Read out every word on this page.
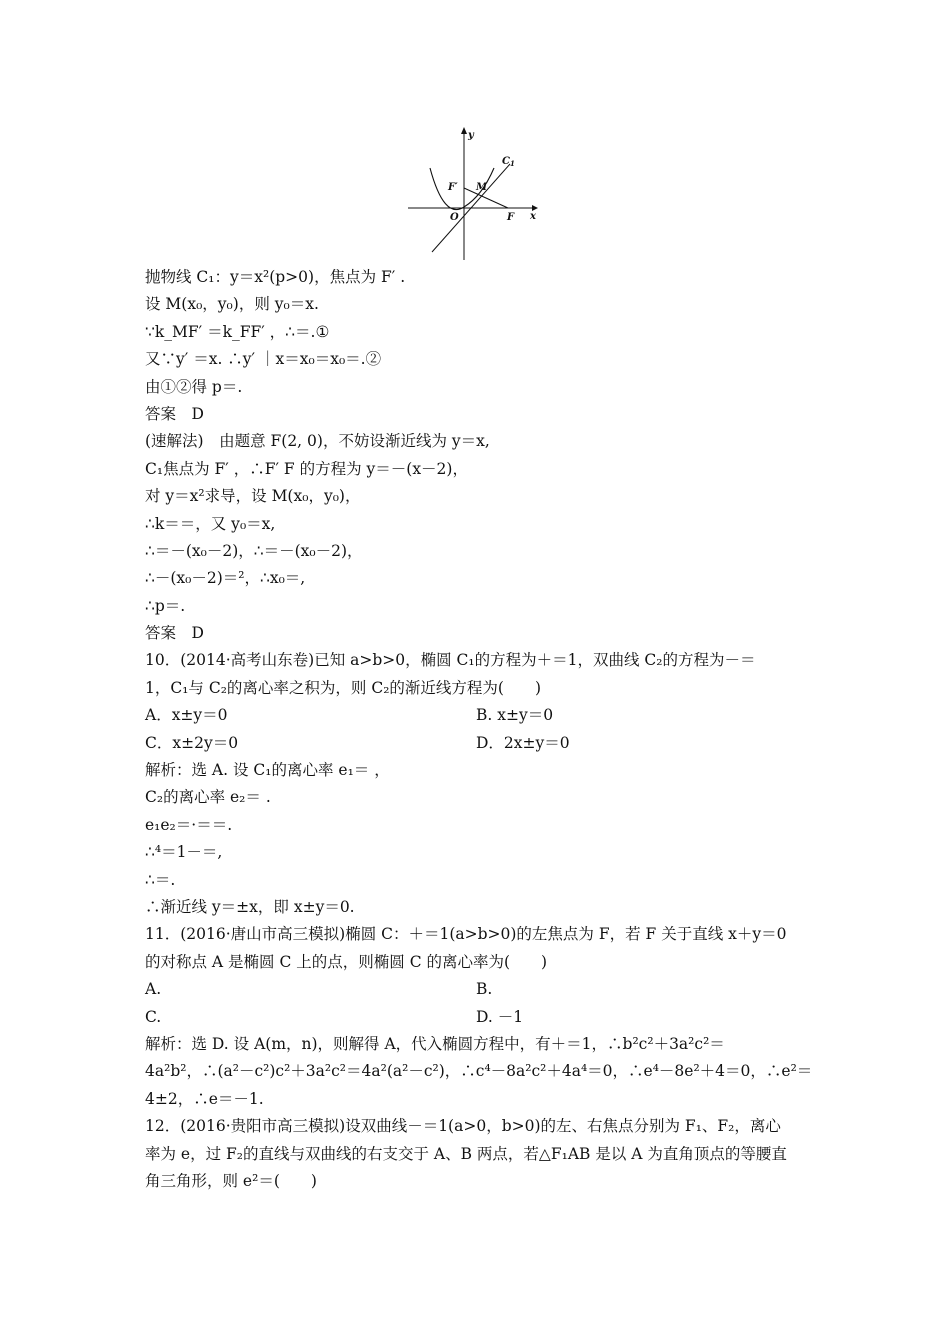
y
x
C 1
M
F′
O	F
抛物线 C₁：y＝x²(p>0)，焦点为 F′ .
设 M(x₀，y₀)，则 y₀＝x.
∵k_MF′ ＝k_FF′ ，∴＝.①
又∵y′ ＝x. ∴y′ ｜x＝x₀＝x₀＝.②
由①②得 p＝.
答案　D
(速解法)　由题意 F(2, 0)，不妨设渐近线为 y＝x,
C₁焦点为 F′ ，∴F′ F 的方程为 y＝－(x－2)，
对 y＝x²求导，设 M(x₀，y₀)，
∴k＝＝，又 y₀＝x,
∴＝－(x₀－2)，∴＝－(x₀－2)，
∴－(x₀－2)＝²，∴x₀＝,
∴p＝.
答案　D
10．(2014·高考山东卷)已知 a>b>0，椭圆 C₁的方程为＋＝1，双曲线 C₂的方程为－＝
1，C₁与 C₂的离心率之积为，则 C₂的渐近线方程为(　　)
A．x±y＝0	B. x±y＝0
C．x±2y＝0	D．2x±y＝0
解析：选 A. 设 C₁的离心率 e₁＝ ，
C₂的离心率 e₂＝ .
e₁e₂＝·＝＝.
∴⁴＝1－＝,
∴＝.
∴渐近线 y＝±x，即 x±y＝0.
11．(2016·唐山市高三模拟)椭圆 C：＋＝1(a>b>0)的左焦点为 F，若 F 关于直线 x＋y＝0
的对称点 A 是椭圆 C 上的点，则椭圆 C 的离心率为(　　)
A.	B.
C.	D. －1
解析：选 D. 设 A(m，n)，则解得 A，代入椭圆方程中，有＋＝1，∴b²c²＋3a²c²＝
4a²b²，∴(a²－c²)c²＋3a²c²＝4a²(a²－c²)，∴c⁴－8a²c²＋4a⁴＝0，∴e⁴－8e²＋4＝0，∴e²＝
4±2，∴e＝－1.
12．(2016·贵阳市高三模拟)设双曲线－＝1(a>0，b>0)的左、右焦点分别为 F₁、F₂，离心
率为 e，过 F₂的直线与双曲线的右支交于 A、B 两点，若△F₁AB 是以 A 为直角顶点的等腰直
角三角形，则 e²＝(　　)
